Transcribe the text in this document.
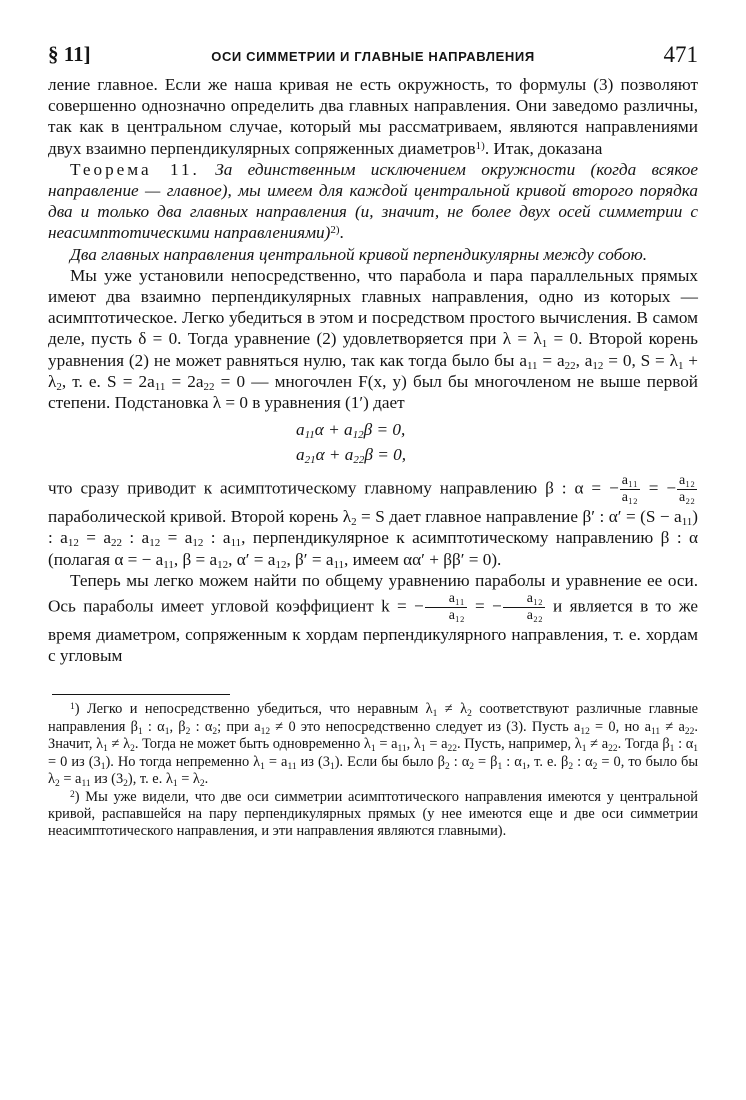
§ 11]	ОСИ СИММЕТРИИ И ГЛАВНЫЕ НАПРАВЛЕНИЯ	471

ление главное. Если же наша кривая не есть окружность, то формулы (3) позволяют совершенно однозначно определить два главных направления. Они заведомо различны, так как в центральном случае, который мы рассматриваем, являются направлениями двух взаимно перпендикулярных сопряженных диаметров$^{1)}$. Итак, доказана

Теорема 11. За единственным исключением окружности (когда всякое направление — главное), мы имеем для каждой центральной кривой второго порядка два и только два главных направления (и, значит, не более двух осей симметрии с неасимптотическими направлениями)$^{2)}$.

Два главных направления центральной кривой перпендикулярны между собою.

Мы уже установили непосредственно, что парабола и пара параллельных прямых имеют два взаимно перпендикулярных главных направления, одно из которых — асимптотическое. Легко убедиться в этом и посредством простого вычисления. В самом деле, пусть δ = 0. Тогда уравнение (2) удовлетворяется при $\lambda = \lambda_1 = 0$. Второй корень уравнения (2) не может равняться нулю, так как тогда было бы $a_{11} = a_{22}$, $a_{12} = 0$, $S = \lambda_1 + \lambda_2$, т. е. $S = 2a_{11} = 2a_{22} = 0$ — многочлен F(x, y) был бы многочленом не выше первой степени. Подстановка λ = 0 в уравнения (1′) дает

$a_{11}\alpha + a_{12}\beta = 0$,
$a_{21}\alpha + a_{22}\beta = 0$,

что сразу приводит к асимптотическому главному направлению β : α = − $\frac{\text{a₁₁}}{\text{a₁₂}}$ = − $\frac{\text{a₁₂}}{\text{a₂₂}}$
параболической кривой. Второй корень $\lambda_2 = S$ дает главное направление β′ : $\alpha' = (S - a_{11})$ : $a_{12} = a_{22}$ : $a_{12} = a_{12}$ : $a_{11}$, перпендикулярное к асимптотическому направлению β : α (полагая α = − $a_{11}$, $\beta = a_{12}$, $\alpha' = a_{12}$, $\beta' = a_{11}$, имеем αα′ + ββ′ = 0).

Теперь мы легко можем найти по общему уравнению параболы и уравнение ее оси. Ось параболы имеет угловой коэффициент k = − $\frac{\text{a₁₁}}{\text{a₁₂}}$ = − $\frac{\text{a₁₂}}{\text{a₂₂}}$ и является в то же время диаметром, сопряженным к хордам перпендикулярного направления, т. е. хордам с угловым

$^1$) Легко и непосредственно убедиться, что неравным $\lambda_1 \ne \lambda_2$ соответствуют различные главные направления $\beta_1$ : $\alpha_1$, $\beta_2$ : $\alpha_2$; при $a_{12} \ne 0$ это непосредственно следует из (3). Пусть $a_{12} = 0$, но $a_{11} \ne a_{22}$. Значит, $\lambda_1 \ne \lambda_2$. Тогда не может быть одновременно $\lambda_1 = a_{11}$, $\lambda_1 = a_{22}$. Пусть, например, $\lambda_1 \ne a_{22}$. Тогда $\beta_1$ : $\alpha_1 = 0$ из $(3_1)$. Но тогда непременно $\lambda_1 = a_{11}$ из $(3_1)$. Если бы было $\beta_2$ : $\alpha_2 = \beta_1$ : $\alpha_1$, т. е. $\beta_2$ : $\alpha_2 = 0$, то было бы $\lambda_2 = a_{11}$ из $(3_2)$, т. е. $\lambda_1 = \lambda_2$.

$^2$) Мы уже видели, что две оси симметрии асимптотического направления имеются у центральной кривой, распавшейся на пару перпендикулярных прямых (у нее имеются еще и две оси симметрии неасимптотического направления, и эти направления являются главными).
